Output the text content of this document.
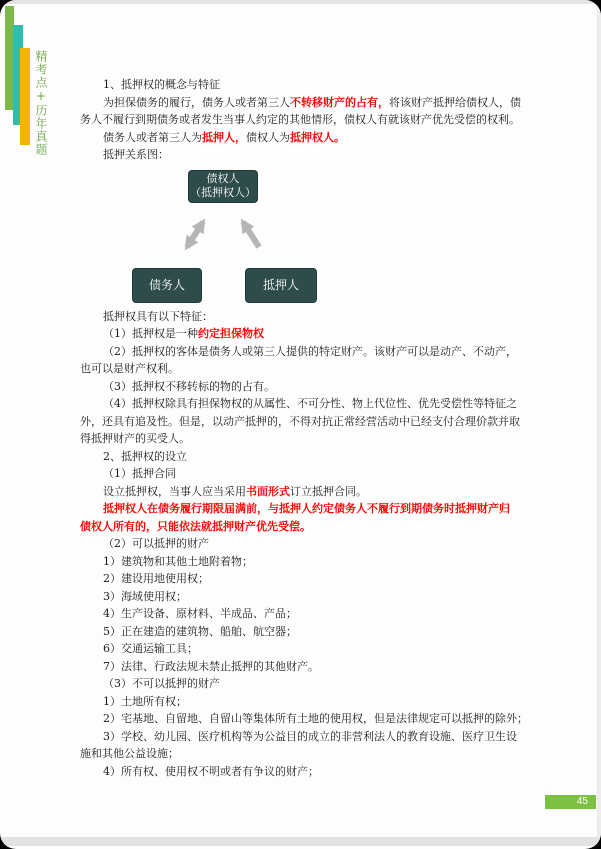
精考点+历年真题	1、抵押权的概念与特征
为担保债务的履行，债务人或者第三人不转移财产的占有，将该财产抵押给债权人，债
务人不履行到期债务或者发生当事人约定的其他情形，债权人有就该财产优先受偿的权利。
债务人或者第三人为抵押人，债权人为抵押权人。
抵押关系图：
债权人
（抵押权人）
债务人	抵押人
抵押权具有以下特征：
（1）抵押权是一种约定担保物权
（2）抵押权的客体是债务人或第三人提供的特定财产。该财产可以是动产、不动产，
也可以是财产权利。
（3）抵押权不移转标的物的占有。
（4）抵押权除具有担保物权的从属性、不可分性、物上代位性、优先受偿性等特征之
外，还具有追及性。但是，以动产抵押的，不得对抗正常经营活动中已经支付合理价款并取
得抵押财产的买受人。
2、抵押权的设立
（1）抵押合同
设立抵押权，当事人应当采用书面形式订立抵押合同。
抵押权人在债务履行期限届满前，与抵押人约定债务人不履行到期债务时抵押财产归
债权人所有的，只能依法就抵押财产优先受偿。
（2）可以抵押的财产
1）建筑物和其他土地附着物；
2）建设用地使用权；
3）海域使用权；
4）生产设备、原材料、半成品、产品；
5）正在建造的建筑物、船舶、航空器；
6）交通运输工具；
7）法律、行政法规未禁止抵押的其他财产。
（3）不可以抵押的财产
1）土地所有权；
2）宅基地、自留地、自留山等集体所有土地的使用权，但是法律规定可以抵押的除外；
3）学校、幼儿园、医疗机构等为公益目的成立的非营利法人的教育设施、医疗卫生设
施和其他公益设施；
4）所有权、使用权不明或者有争议的财产；
45
